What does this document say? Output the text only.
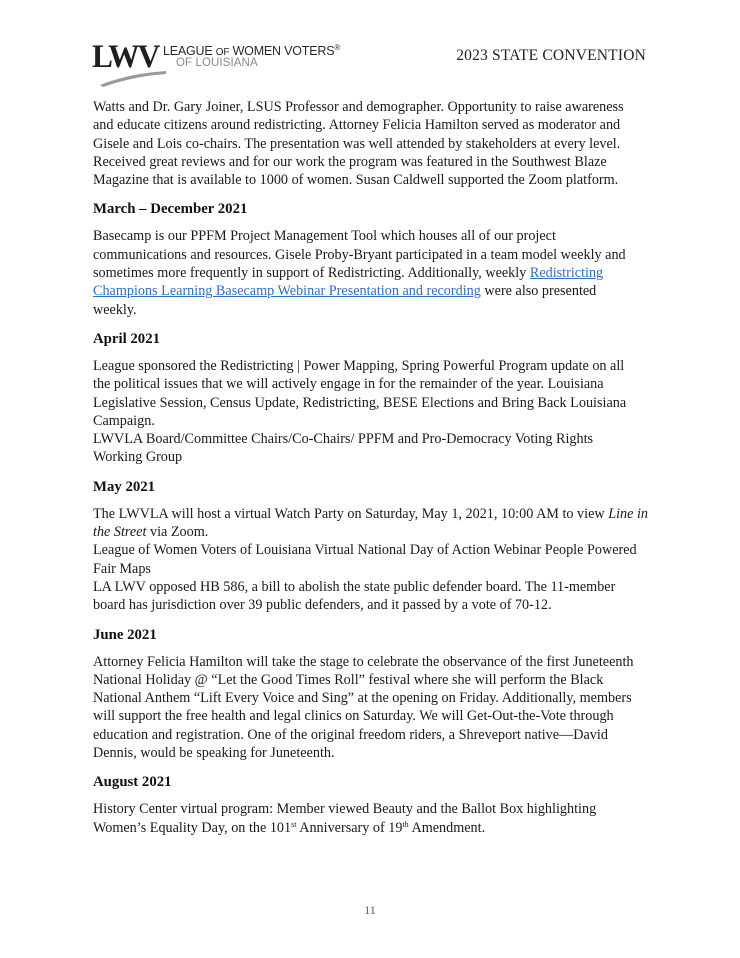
LWV LEAGUE OF WOMEN VOTERS®
OF LOUISIANA	2023 STATE CONVENTION

Watts and Dr. Gary Joiner, LSUS Professor and demographer. Opportunity to raise awareness
and educate citizens around redistricting. Attorney Felicia Hamilton served as moderator and
Gisele and Lois co-chairs. The presentation was well attended by stakeholders at every level.
Received great reviews and for our work the program was featured in the Southwest Blaze
Magazine that is available to 1000 of women. Susan Caldwell supported the Zoom platform.

March – December 2021

Basecamp is our PPFM Project Management Tool which houses all of our project
communications and resources. Gisele Proby-Bryant participated in a team model weekly and
sometimes more frequently in support of Redistricting. Additionally, weekly Redistricting
Champions Learning Basecamp Webinar Presentation and recording were also presented
weekly.

April 2021

League sponsored the Redistricting | Power Mapping, Spring Powerful Program update on all
the political issues that we will actively engage in for the remainder of the year. Louisiana
Legislative Session, Census Update, Redistricting, BESE Elections and Bring Back Louisiana
Campaign.
LWVLA Board/Committee Chairs/Co-Chairs/ PPFM and Pro-Democracy Voting Rights
Working Group

May 2021

The LWVLA will host a virtual Watch Party on Saturday, May 1, 2021, 10:00 AM to view Line in
the Street via Zoom.
League of Women Voters of Louisiana Virtual National Day of Action Webinar People Powered
Fair Maps
LA LWV opposed HB 586, a bill to abolish the state public defender board. The 11-member
board has jurisdiction over 39 public defenders, and it passed by a vote of 70-12.

June 2021

Attorney Felicia Hamilton will take the stage to celebrate the observance of the first Juneteenth
National Holiday @ “Let the Good Times Roll” festival where she will perform the Black
National Anthem “Lift Every Voice and Sing” at the opening on Friday. Additionally, members
will support the free health and legal clinics on Saturday. We will Get-Out-the-Vote through
education and registration. One of the original freedom riders, a Shreveport native—David
Dennis, would be speaking for Juneteenth.

August 2021

History Center virtual program: Member viewed Beauty and the Ballot Box highlighting
Women’s Equality Day, on the 101st Anniversary of 19th Amendment.

11
